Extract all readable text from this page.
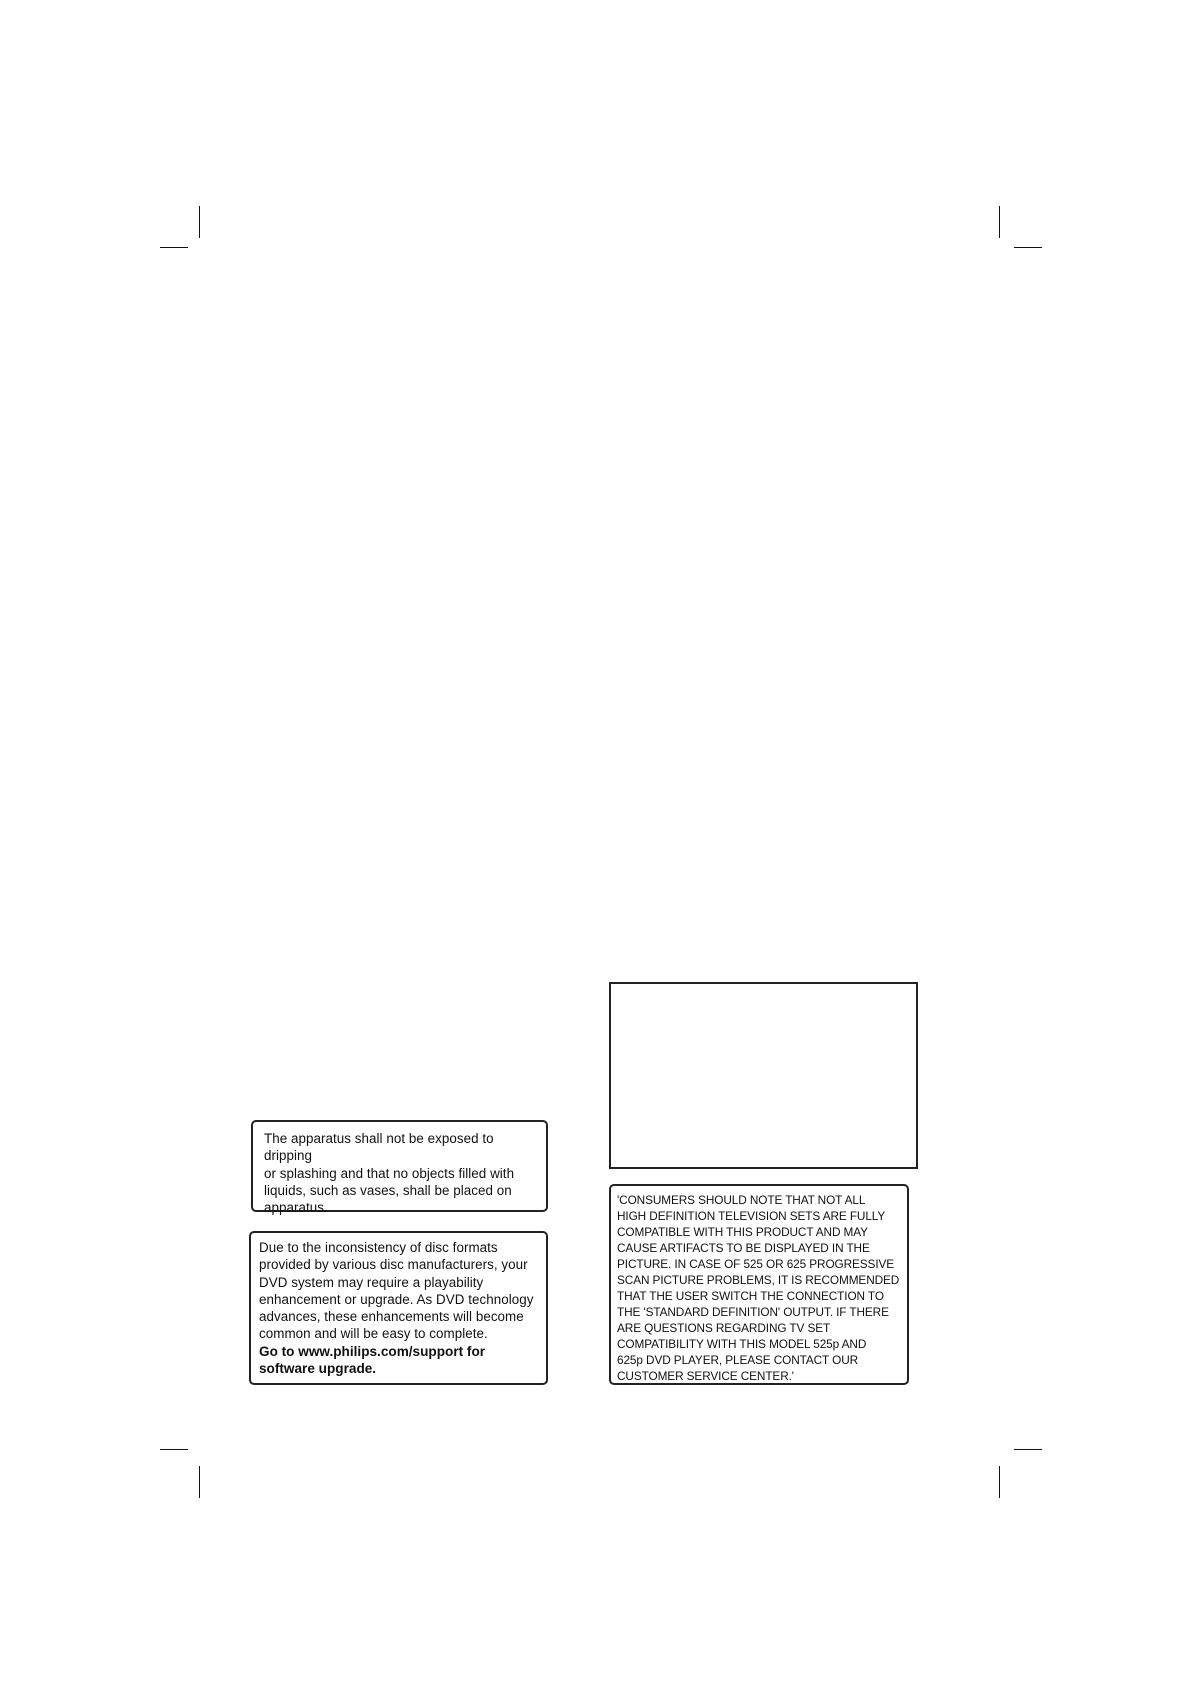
The apparatus shall not be exposed to dripping
or splashing and that no objects filled with
liquids, such as vases, shall be placed on
apparatus.
Due to the inconsistency of disc formats
provided by various disc manufacturers, your
DVD system may require a playability
enhancement or upgrade. As DVD technology
advances, these enhancements will become
common and will be easy to complete.
Go to www.philips.com/support for
software upgrade.
'CONSUMERS SHOULD NOTE THAT NOT ALL
HIGH DEFINITION TELEVISION SETS ARE FULLY
COMPATIBLE WITH THIS PRODUCT AND MAY
CAUSE ARTIFACTS TO BE DISPLAYED IN THE
PICTURE. IN CASE OF 525 OR 625 PROGRESSIVE
SCAN PICTURE PROBLEMS, IT IS RECOMMENDED
THAT THE USER SWITCH THE CONNECTION TO
THE 'STANDARD DEFINITION' OUTPUT. IF THERE
ARE QUESTIONS REGARDING TV SET
COMPATIBILITY WITH THIS MODEL 525p AND
625p DVD PLAYER, PLEASE CONTACT OUR
CUSTOMER SERVICE CENTER.'
